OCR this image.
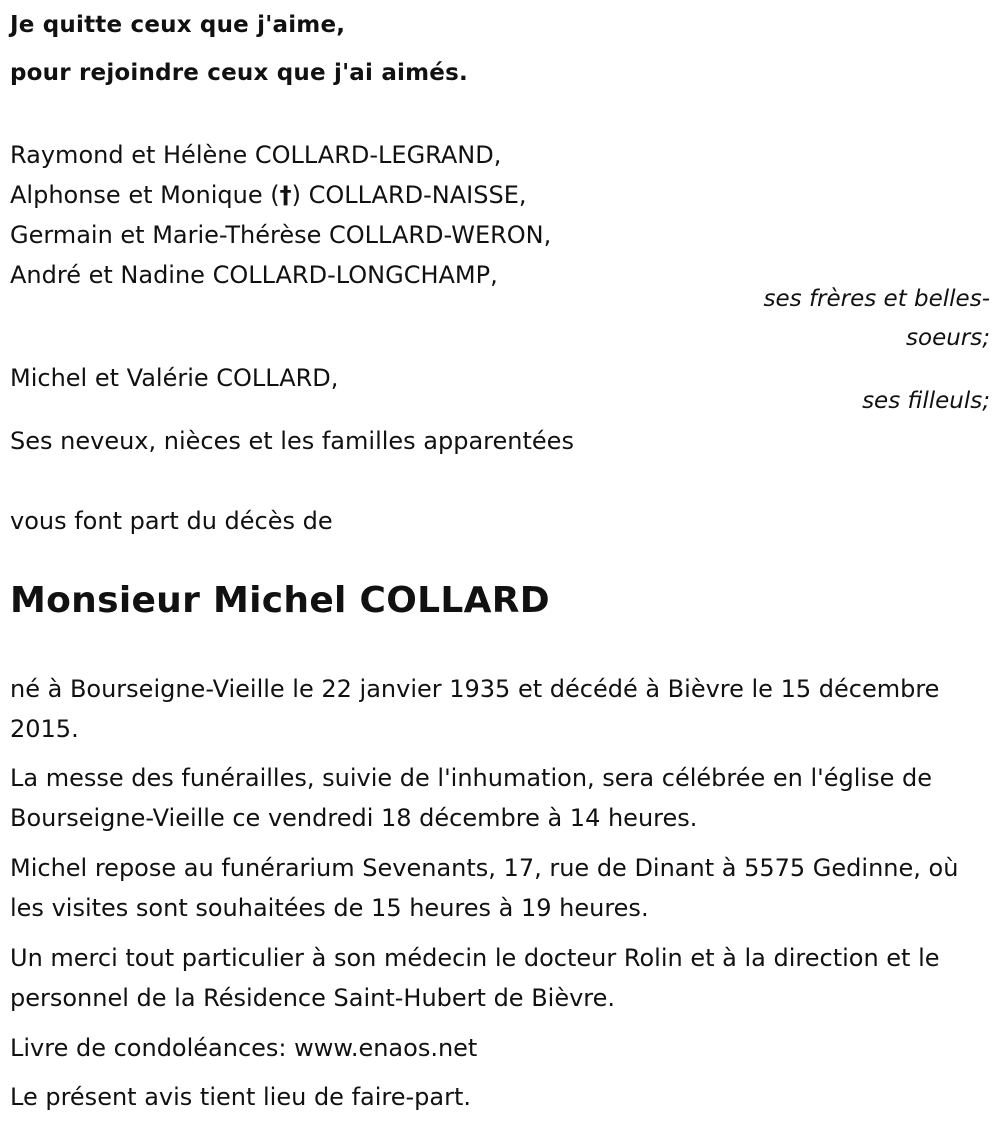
Je quitte ceux que j'aime,
pour rejoindre ceux que j'ai aimés.
Raymond et Hélène COLLARD-LEGRAND,
Alphonse et Monique (†) COLLARD-NAISSE,
Germain et Marie-Thérèse COLLARD-WERON,
André et Nadine COLLARD-LONGCHAMP,
ses frères et belles-soeurs;
Michel et Valérie COLLARD,
ses filleuls;
Ses neveux, nièces et les familles apparentées
vous font part du décès de
Monsieur Michel COLLARD
né à Bourseigne-Vieille le 22 janvier 1935 et décédé à Bièvre le 15 décembre 2015.
La messe des funérailles, suivie de l'inhumation, sera célébrée en l'église de Bourseigne-Vieille ce vendredi 18 décembre à 14 heures.
Michel repose au funérarium Sevenants, 17, rue de Dinant à 5575 Gedinne, où les visites sont souhaitées de 15 heures à 19 heures.
Un merci tout particulier à son médecin le docteur Rolin et à la direction et le personnel de la Résidence Saint-Hubert de Bièvre.
Livre de condoléances: www.enaos.net
Le présent avis tient lieu de faire-part.
